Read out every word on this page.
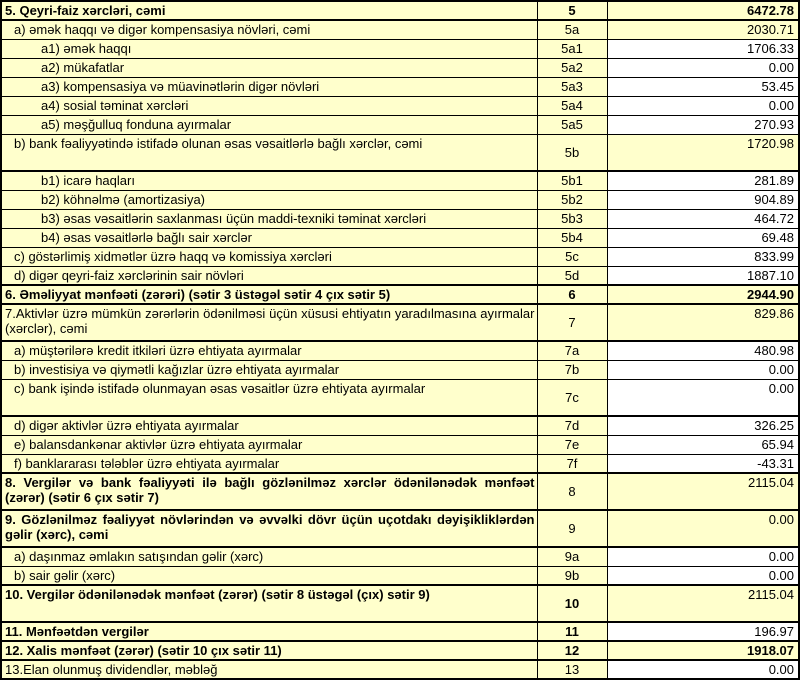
5. Qeyri-faiz xərcləri, cəmi	5	6472.78
a) əmək haqqı və digər kompensasiya növləri, cəmi	5a	2030.71
a1) əmək haqqı	5a1	1706.33
a2) mükafatlar	5a2	0.00
a3) kompensasiya və müavinətlərin digər növləri	5a3	53.45
a4) sosial təminat xərcləri	5a4	0.00
a5) məşğulluq fonduna ayırmalar	5a5	270.93
b) bank fəaliyyətində istifadə olunan əsas vəsaitlərlə bağlı xərclər, cəmi	5b	1720.98
b1) icarə haqları	5b1	281.89
b2) köhnəlmə (amortizasiya)	5b2	904.89
b3) əsas vəsaitlərin saxlanması üçün maddi-texniki təminat xərcləri	5b3	464.72
b4) əsas vəsaitlərlə bağlı sair xərclər	5b4	69.48
c) göstərlimiş xidmətlər üzrə haqq və komissiya xərcləri	5c	833.99
d) digər qeyri-faiz xərclərinin sair növləri	5d	1887.10
6. Əməliyyat mənfəəti (zərəri) (sətir 3 üstəgəl sətir 4 çıx sətir 5)	6	2944.90
7.Aktivlər üzrə mümkün zərərlərin ödənilməsi üçün xüsusi ehtiyatın yaradılmasına ayırmalar (xərclər), cəmi	7	829.86
a) müştərilərə kredit itkiləri üzrə ehtiyata ayırmalar	7a	480.98
b) investisiya və qiymətli kağızlar üzrə ehtiyata ayırmalar	7b	0.00
c) bank işində istifadə olunmayan əsas vəsaitlər üzrə ehtiyata ayırmalar	7c	0.00
d) digər aktivlər üzrə ehtiyata ayırmalar	7d	326.25
e) balansdankənar aktivlər üzrə ehtiyata ayırmalar	7e	65.94
f) banklararası tələblər üzrə ehtiyata ayırmalar	7f	-43.31
8. Vergilər və bank fəaliyyəti ilə bağlı gözlənilməz xərclər ödənilənədək mənfəət (zərər) (sətir 6 çıx sətir 7)	8	2115.04
9. Gözlənilməz fəaliyyət növlərindən və əvvəlki dövr üçün uçotdakı dəyişikliklərdən gəlir (xərc), cəmi	9	0.00
a) daşınmaz əmlakın satışından gəlir (xərc)	9a	0.00
b) sair gəlir (xərc)	9b	0.00
10. Vergilər ödənilənədək mənfəət (zərər) (sətir 8 üstəgəl (çıx) sətir 9)	10	2115.04
11. Mənfəətdən vergilər	11	196.97
12. Xalis mənfəət (zərər) (sətir 10 çıx sətir 11)	12	1918.07
13.Elan olunmuş dividendlər, məbləğ	13	0.00
